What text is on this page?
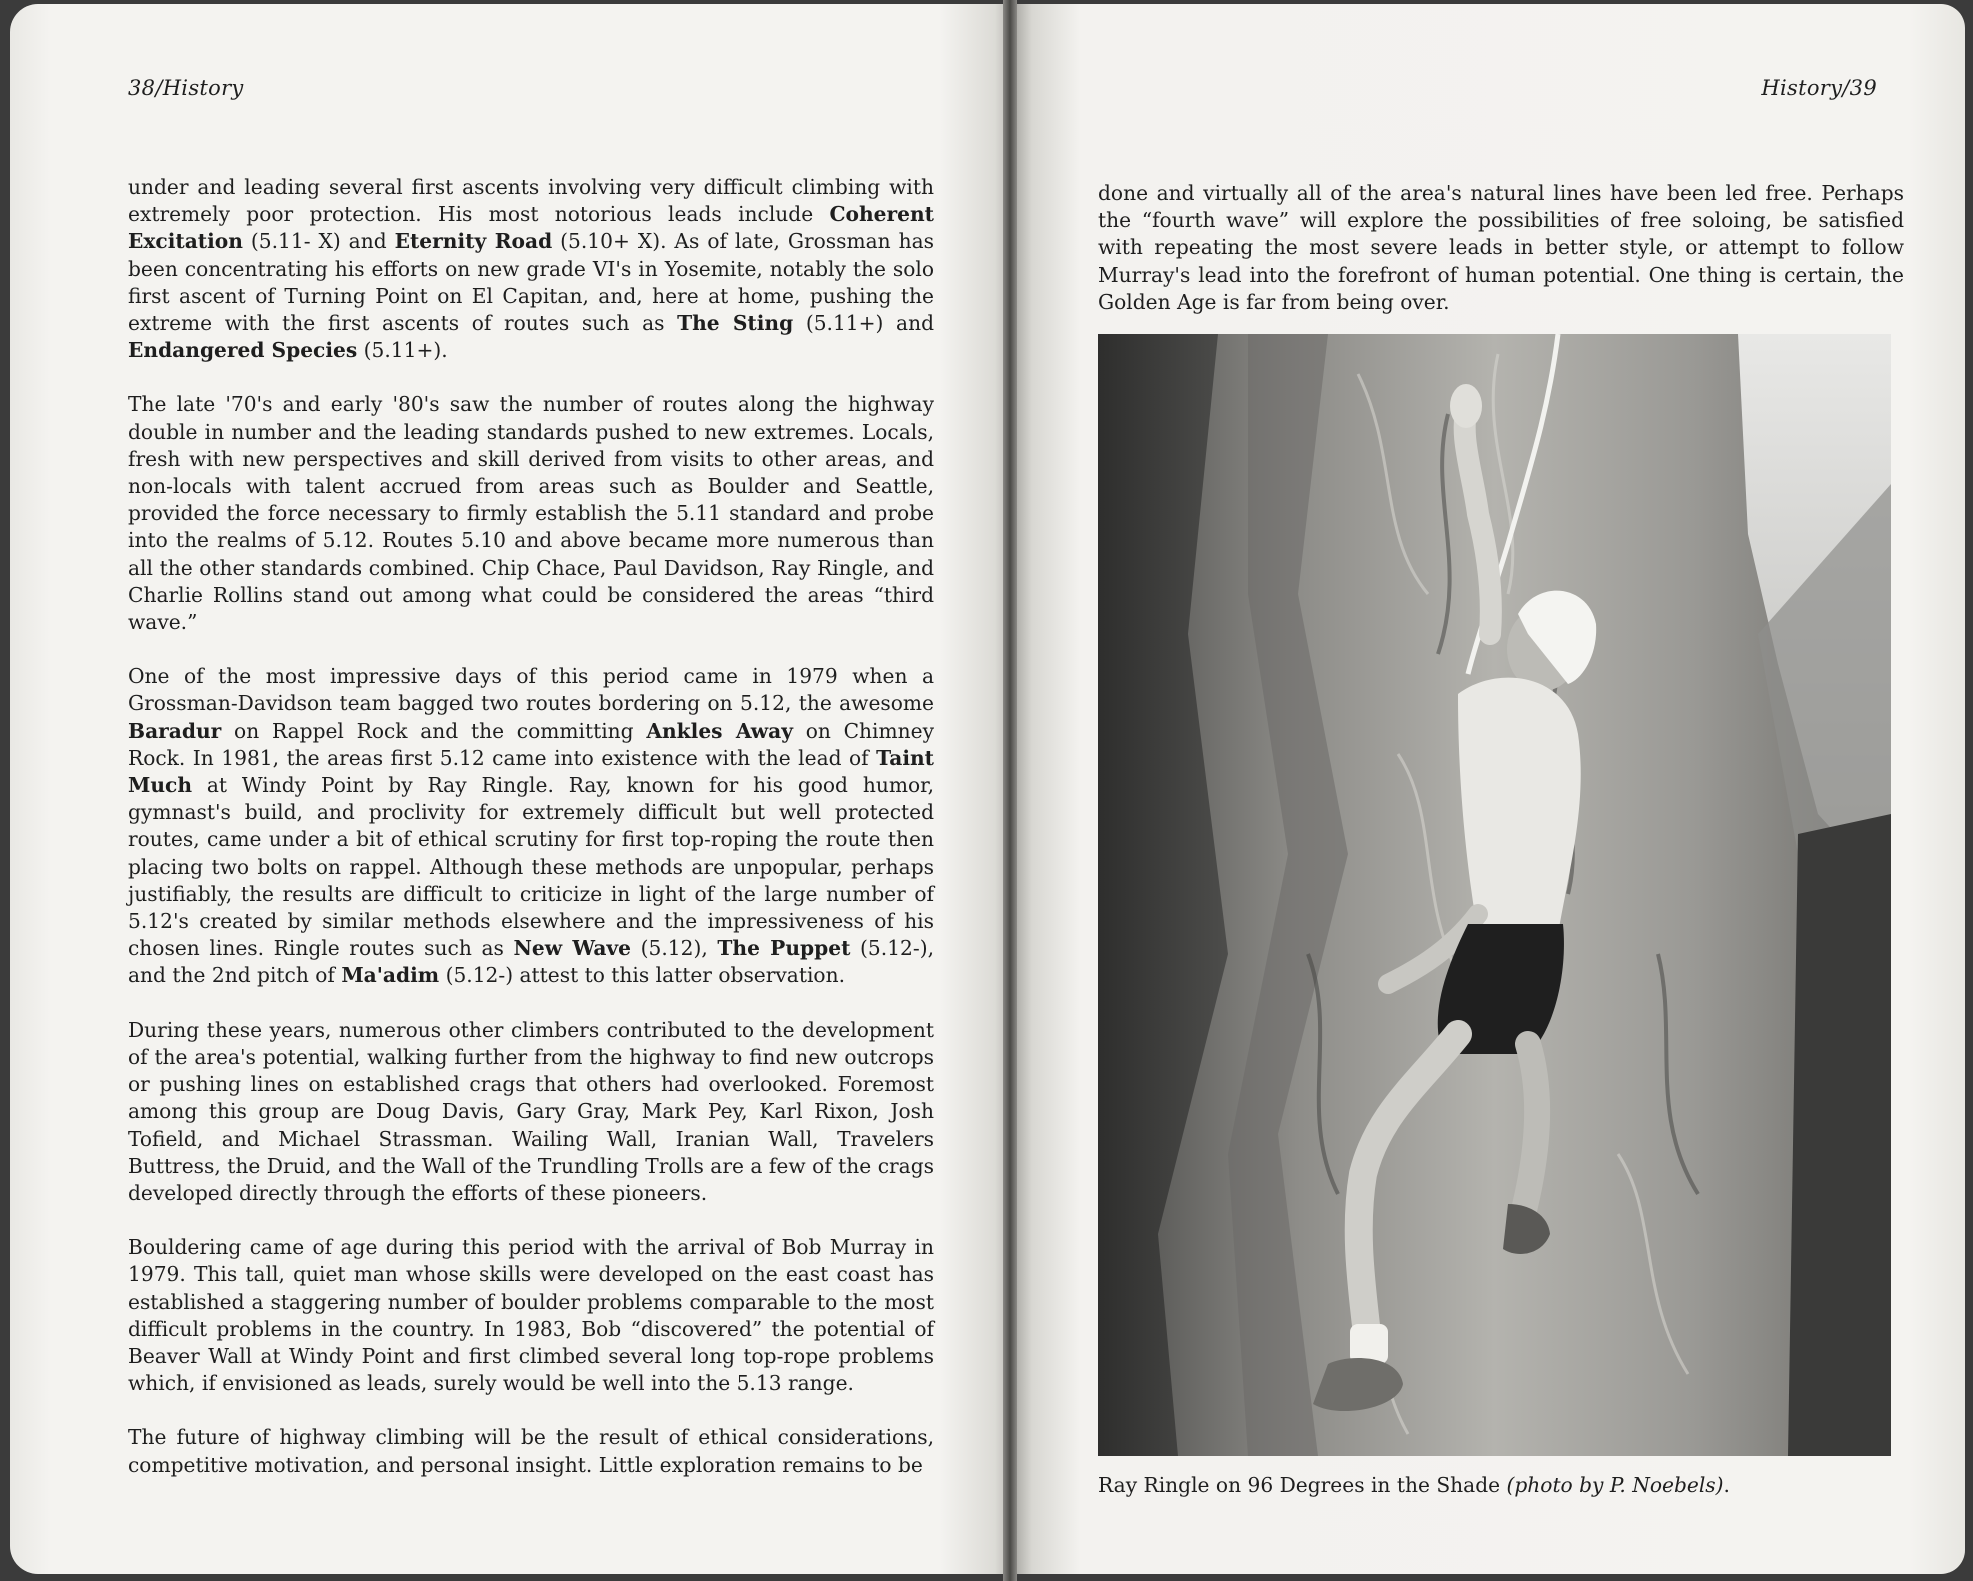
38/History

under and leading several first ascents involving very difficult climbing with extremely poor protection. His most notorious leads include Coherent Excitation (5.11- X) and Eternity Road (5.10+ X). As of late, Grossman has been concentrating his efforts on new grade VI's in Yosemite, notably the solo first ascent of Turning Point on El Capitan, and, here at home, pushing the extreme with the first ascents of routes such as The Sting (5.11+) and Endangered Species (5.11+).

The late '70's and early '80's saw the number of routes along the highway double in number and the leading standards pushed to new extremes. Locals, fresh with new perspectives and skill derived from visits to other areas, and non-locals with talent accrued from areas such as Boulder and Seattle, provided the force necessary to firmly establish the 5.11 standard and probe into the realms of 5.12. Routes 5.10 and above became more numerous than all the other standards combined. Chip Chace, Paul Davidson, Ray Ringle, and Charlie Rollins stand out among what could be considered the areas “third wave.”

One of the most impressive days of this period came in 1979 when a Grossman-Davidson team bagged two routes bordering on 5.12, the awesome Baradur on Rappel Rock and the committing Ankles Away on Chimney Rock. In 1981, the areas first 5.12 came into existence with the lead of Taint Much at Windy Point by Ray Ringle. Ray, known for his good humor, gymnast's build, and proclivity for extremely difficult but well protected routes, came under a bit of ethical scrutiny for first top-roping the route then placing two bolts on rappel. Although these methods are unpopular, perhaps justifiably, the results are difficult to criticize in light of the large number of 5.12's created by similar methods elsewhere and the impressiveness of his chosen lines. Ringle routes such as New Wave (5.12), The Puppet (5.12-), and the 2nd pitch of Ma'adim (5.12-) attest to this latter observation.

During these years, numerous other climbers contributed to the development of the area's potential, walking further from the highway to find new outcrops or pushing lines on established crags that others had overlooked. Foremost among this group are Doug Davis, Gary Gray, Mark Pey, Karl Rixon, Josh Tofield, and Michael Strassman. Wailing Wall, Iranian Wall, Travelers Buttress, the Druid, and the Wall of the Trundling Trolls are a few of the crags developed directly through the efforts of these pioneers.

Bouldering came of age during this period with the arrival of Bob Murray in 1979. This tall, quiet man whose skills were developed on the east coast has established a staggering number of boulder problems comparable to the most difficult problems in the country. In 1983, Bob “discovered” the potential of Beaver Wall at Windy Point and first climbed several long top-rope problems which, if envisioned as leads, surely would be well into the 5.13 range.

The future of highway climbing will be the result of ethical considerations, competitive motivation, and personal insight. Little exploration remains to be

History/39

done and virtually all of the area's natural lines have been led free. Perhaps the “fourth wave” will explore the possibilities of free soloing, be satisfied with repeating the most severe leads in better style, or attempt to follow Murray's lead into the forefront of human potential. One thing is certain, the Golden Age is far from being over.

Ray Ringle on 96 Degrees in the Shade (photo by P. Noebels).
